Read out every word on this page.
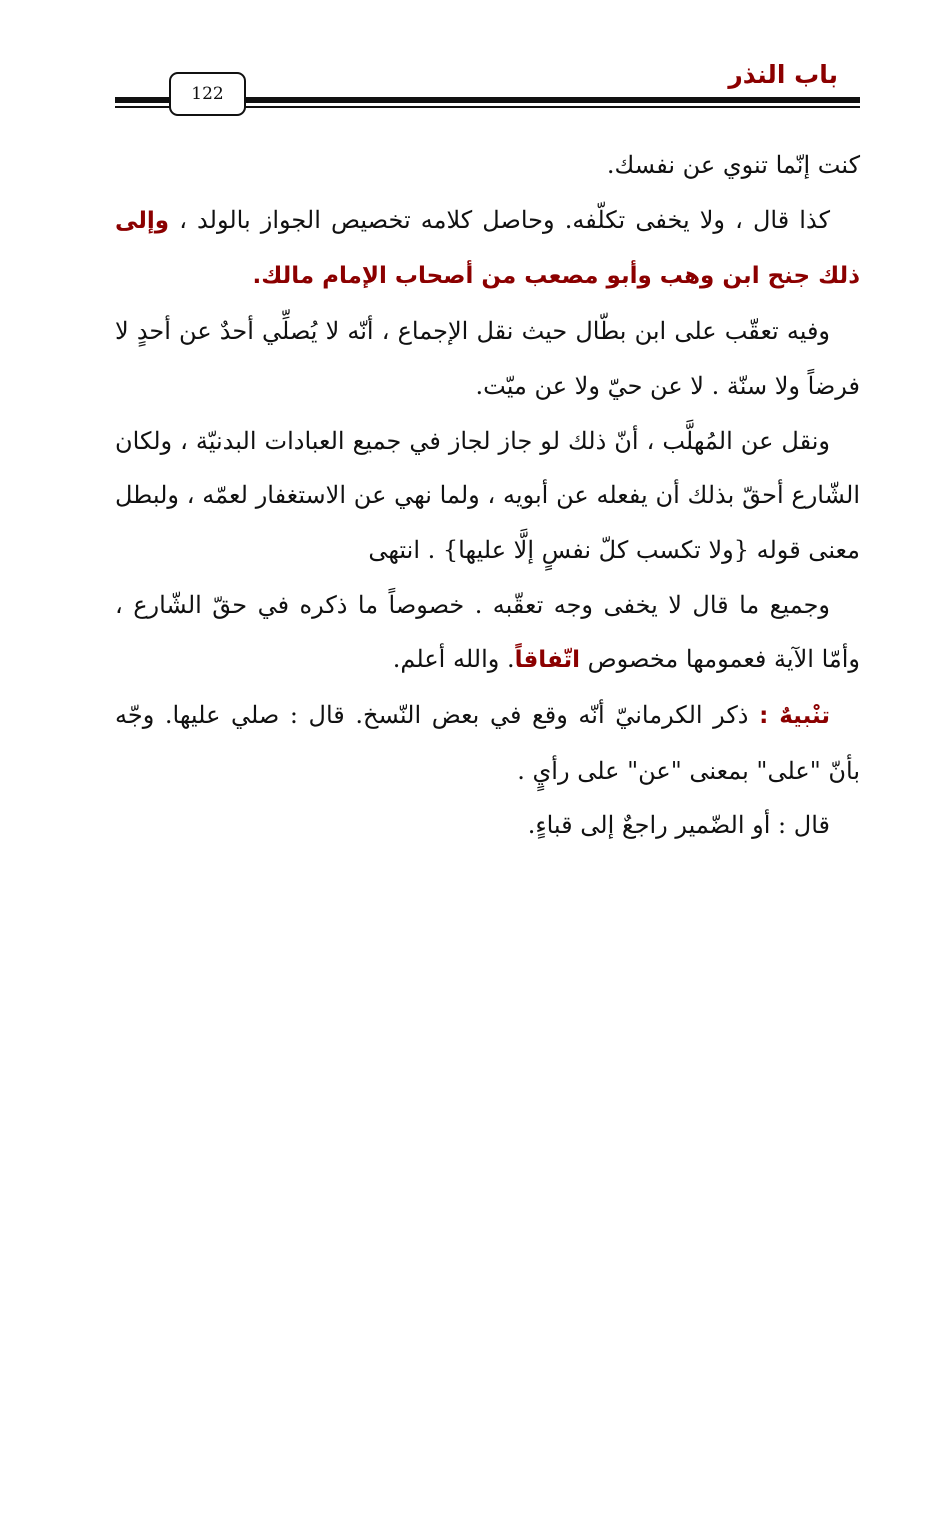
122
باب النذر

كنت إنّما تنوي عن نفسك.

كذا قال ، ولا يخفى تكلّفه. وحاصل كلامه تخصيص الجواز بالولد ، وإلى ذلك جنح ابن وهب وأبو مصعب من أصحاب الإمام مالك.

وفيه تعقّب على ابن بطّال حيث نقل الإجماع ، أنّه لا يُصلِّي أحدٌ عن أحدٍ لا فرضاً ولا سنّة . لا عن حيّ ولا عن ميّت.

ونقل عن المُهلَّب ، أنّ ذلك لو جاز لجاز في جميع العبادات البدنيّة ، ولكان الشّارع أحقّ بذلك أن يفعله عن أبويه ، ولما نهي عن الاستغفار لعمّه ، ولبطل معنى قوله {ولا تكسب كلّ نفسٍ إلَّا عليها} . انتهى

وجميع ما قال لا يخفى وجه تعقّبه . خصوصاً ما ذكره في حقّ الشّارع ، وأمّا الآية فعمومها مخصوص اتّفاقاً. والله أعلم.

تنْبيهٌ : ذكر الكرمانيّ أنّه وقع في بعض النّسخ. قال : صلي عليها. وجّه بأنّ "على" بمعنى "عن" على رأيٍ .

قال : أو الضّمير راجعٌ إلى قباءٍ.
